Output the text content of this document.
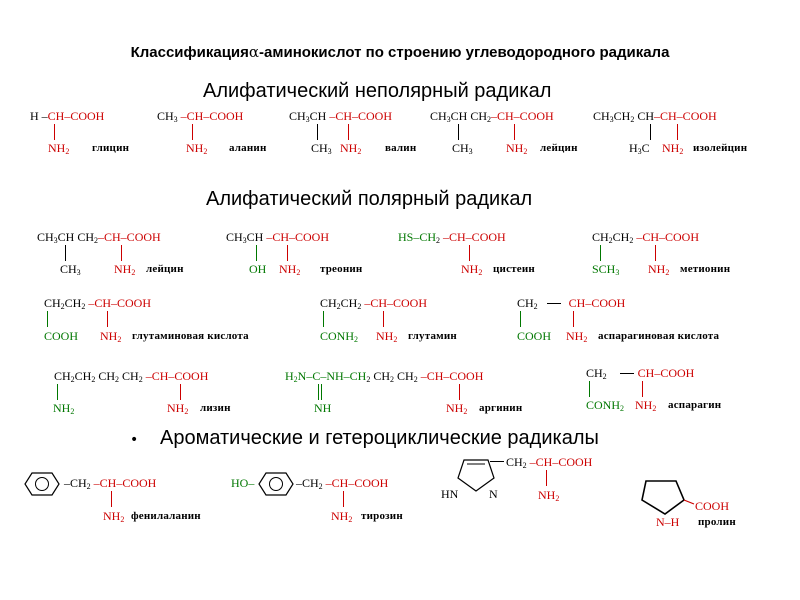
Классификацияα-аминокислот по строению углеводородного радикала
Алифатический неполярный радикал
Алифатический полярный радикал
• Ароматические и гетероциклические радикалы
H –CH–COOH
$NH_2$ глицин
$CH_3$ –CH–COOH
$NH_2$ аланин
$CH_3CH$ –CH–COOH
$CH_3$ $NH_2$ валин
$CH_3CH$ $CH_2-CH$–COOH
$CH_3$	$NH_2$ лейцин
$CH_3CH_2$ CH–CH–COOH
$H_3C$ $NH_2$ изолейцин
$CH_3CH$ $CH_2-CH$–COOH
$CH_3$	$NH_2$ лейцин
$CH_3CH$ –CH–COOH
OH $NH_2$ треонин
$HS-CH_2$ –CH–COOH
$NH_2$ цистеин
$CH_2CH_2$ –CH–COOH
$SCH_3$ $NH_2$ метионин
$CH_2CH_2$ –CH–COOH
COOH $NH_2$ глутаминовая кислота
$CH_2CH_2$ –CH–COOH
$CONH_2$ $NH_2$ глутамин
$CH_2$	CH–COOH
COOH $NH_2$ аспарагиновая кислота
$CH_2CH_2$ $CH_2$ $CH_2$ –CH–COOH
$NH_2$	$NH_2$ лизин
$H_2N-C-NH-CH_2$ $CH_2$ $CH_2$ –CH–COOH
NH	$NH_2$ аргинин
$CH_2$	CH–COOH
$CONH_2$ $NH_2$ аспарагин
$-CH_2$ –CH–COOH
$NH_2$ фенилаланин
HO–	$-CH_2$ –CH–COOH
$NH_2$ тирозин
HN	N
$CH_2$ –CH–COOH
$NH_2$
COOH
N–H пролин
